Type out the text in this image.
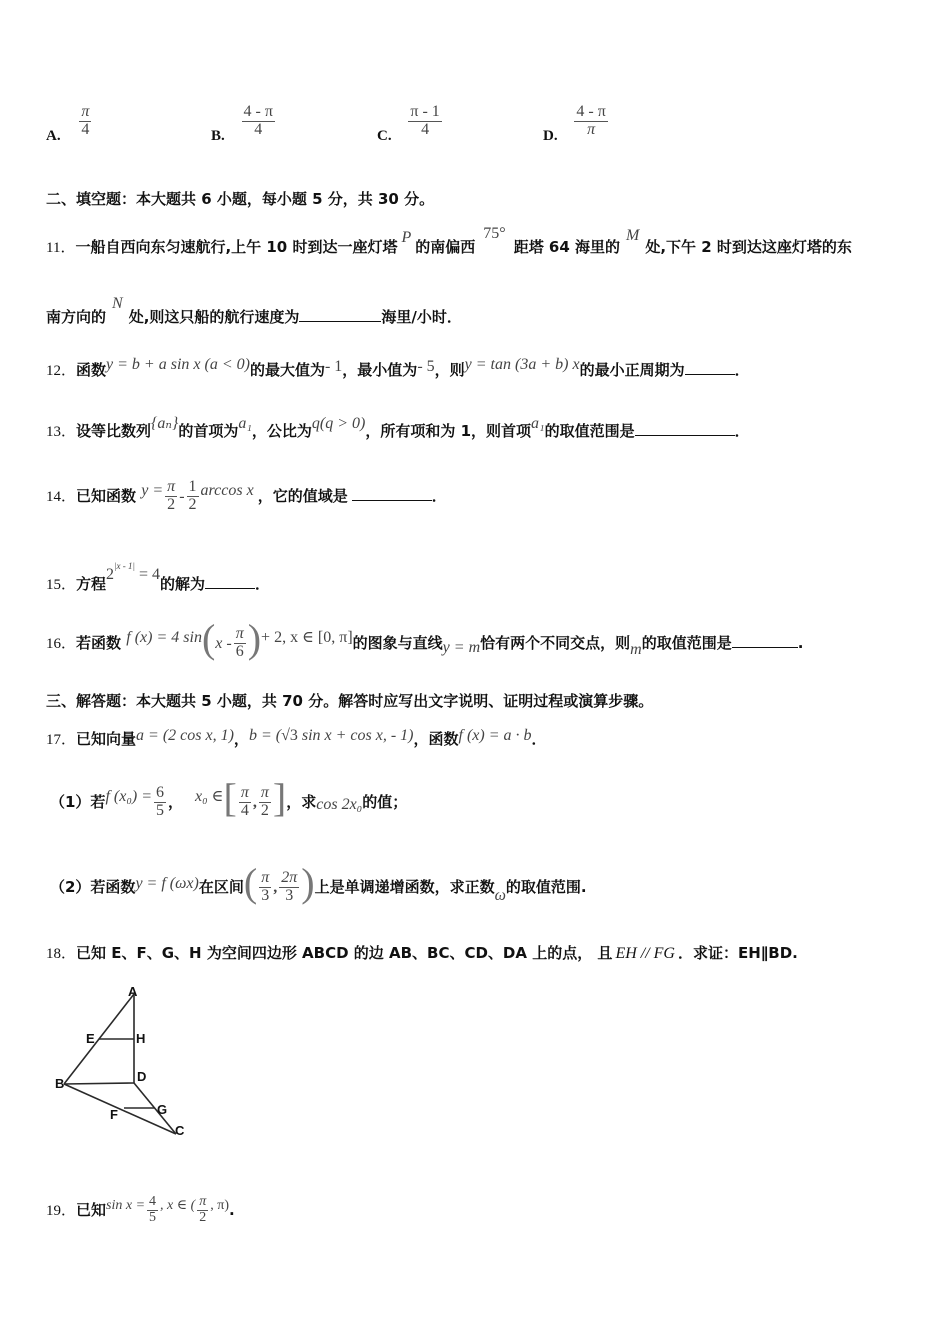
A. $\frac{\pi}{4}$	B. $\frac{4 - \pi}{4}$	C. $\frac{\pi - 1}{4}$	D. $\frac{4 - \pi}{\pi}$
二、填空题：本大题共 6 小题，每小题 5 分，共 30 分。
11．一船自西向东匀速航行,上午 10 时到达一座灯塔P的南偏西75°距塔 64 海里的M处,下午 2 时到达这座灯塔的东
南方向的N处,则这只船的航行速度为	海里/小时．
12．函数y = b + a sin x (a < 0)的最大值为- 1，最小值为- 5，则y = tan (3a + b) x的最小正周期为	．
13．设等比数列{aₙ}的首项为a₁，公比为q(q > 0)，所有项和为 1，则首项a₁的取值范围是	．
14．已知函数 $y = \frac{\pi}{2} - \frac{1}{2}$ arccos x ，它的值域是	．
15．方程$2^{|x - 1|} = 4$的解为	．
16．若函数 f (x) = 4 $\sin(x - \frac{\pi}{6}$ )+ 2, x ∈ [0, π]的图象与直线y = m恰有两个不同交点，则m的取值范围是	.
三、解答题：本大题共 5 小题，共 70 分。解答时应写出文字说明、证明过程或演算步骤。
17．已知向量a = (2 cos x, 1)，b = (√3 sin x + cos x, - 1)，函数f (x) = a · b．
（1）若f $(x_0) = \frac{6}{5}$ ， x₀ ∈[ $\frac{\pi}{4}$ , $\frac{\pi}{2}$ ]，求cos 2x₀的值；
（2）若函数y = f (ωx)在区间( $\frac{\pi}{3}$ , $\frac{2\pi}{3}$ )上是单调递增函数，求正数ω的取值范围.
18．已知 E、F、G、H 为空间四边形 ABCD 的边 AB、BC、CD、DA 上的点， 且 EH // FG ．求证：EH∥BD.
A
B
C
D
E
F	G
H
19．已知$\sin x = \frac{4}{5}$ , x ∈ ( $\frac{\pi}{2}$ , π).
